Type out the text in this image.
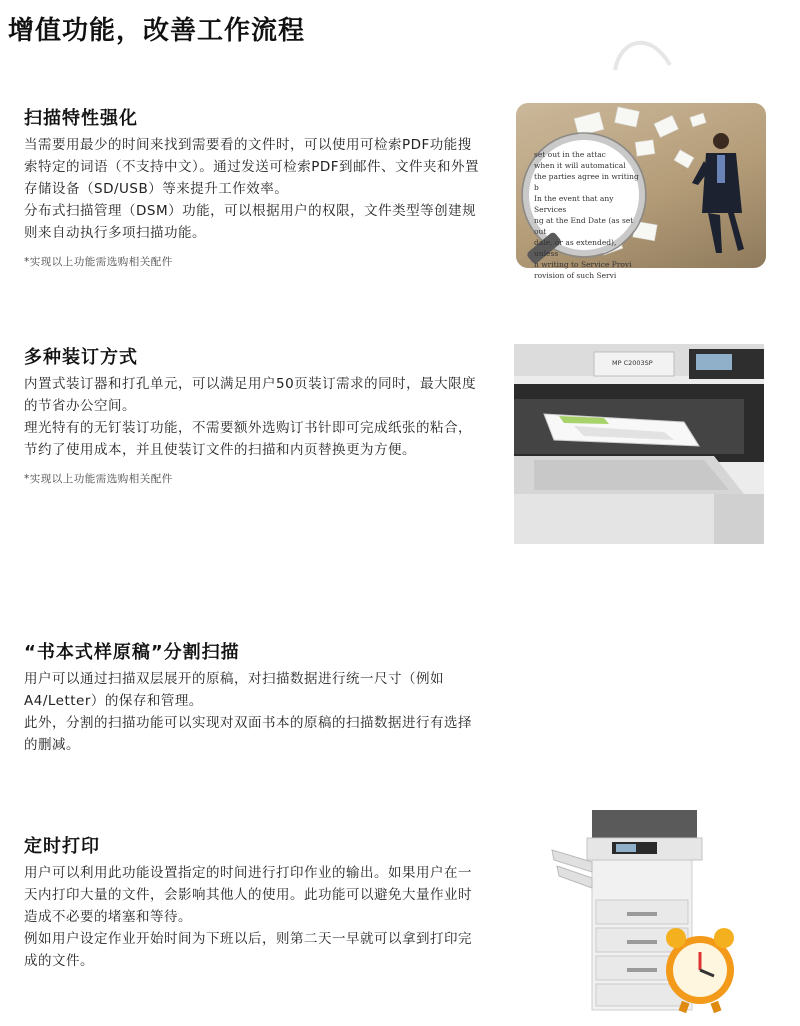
增值功能，改善工作流程
扫描特性强化

当需要用最少的时间来找到需要看的文件时，可以使用可检索PDF功能搜索特定的词语（不支持中文）。通过发送可检索PDF到邮件、文件夹和外置存储设备（SD/USB）等来提升工作效率。

分布式扫描管理（DSM）功能，可以根据用户的权限，文件类型等创建规则来自动执行多项扫描功能。

*实现以上功能需选购相关配件
set out in the attac
when it will automatical
the parties agree in writing b
In the event that any Services
ng at the End Date (as set out
dale, or as extended), unless
n writing to Service Provi
rovision of such Servi
多种装订方式

内置式装订器和打孔单元，可以满足用户50页装订需求的同时，最大限度的节省办公空间。

理光特有的无钉装订功能，不需要额外选购订书针即可完成纸张的粘合，节约了使用成本，并且使装订文件的扫描和内页替换更为方便。

*实现以上功能需选购相关配件
MP C2003SP
“书本式样原稿”分割扫描

用户可以通过扫描双层展开的原稿，对扫描数据进行统一尺寸（例如A4/Letter）的保存和管理。

此外，分割的扫描功能可以实现对双面书本的原稿的扫描数据进行有选择的删减。

定时打印

用户可以利用此功能设置指定的时间进行打印作业的输出。如果用户在一天内打印大量的文件，会影响其他人的使用。此功能可以避免大量作业时造成不必要的堵塞和等待。

例如用户设定作业开始时间为下班以后，则第二天一早就可以拿到打印完成的文件。
